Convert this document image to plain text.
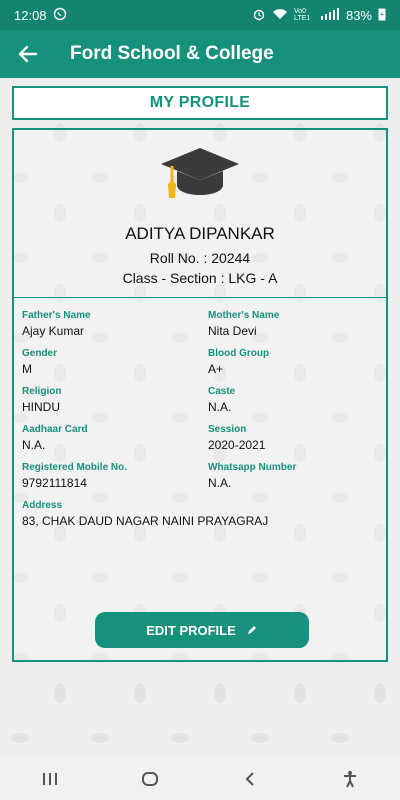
12:08	Vo0 LTE1	83%
Ford School & College
MY PROFILE
ADITYA DIPANKAR
Roll No. : 20244
Class - Section : LKG - A
Father's Name
Ajay Kumar
Mother's Name
Nita Devi
Gender
M
Blood Group
A+
Religion
HINDU
Caste
N.A.
Aadhaar Card
N.A.
Session
2020-2021
Registered Mobile No.
9792111814
Whatsapp Number
N.A.
Address
83, CHAK DAUD NAGAR NAINI PRAYAGRAJ
EDIT PROFILE
